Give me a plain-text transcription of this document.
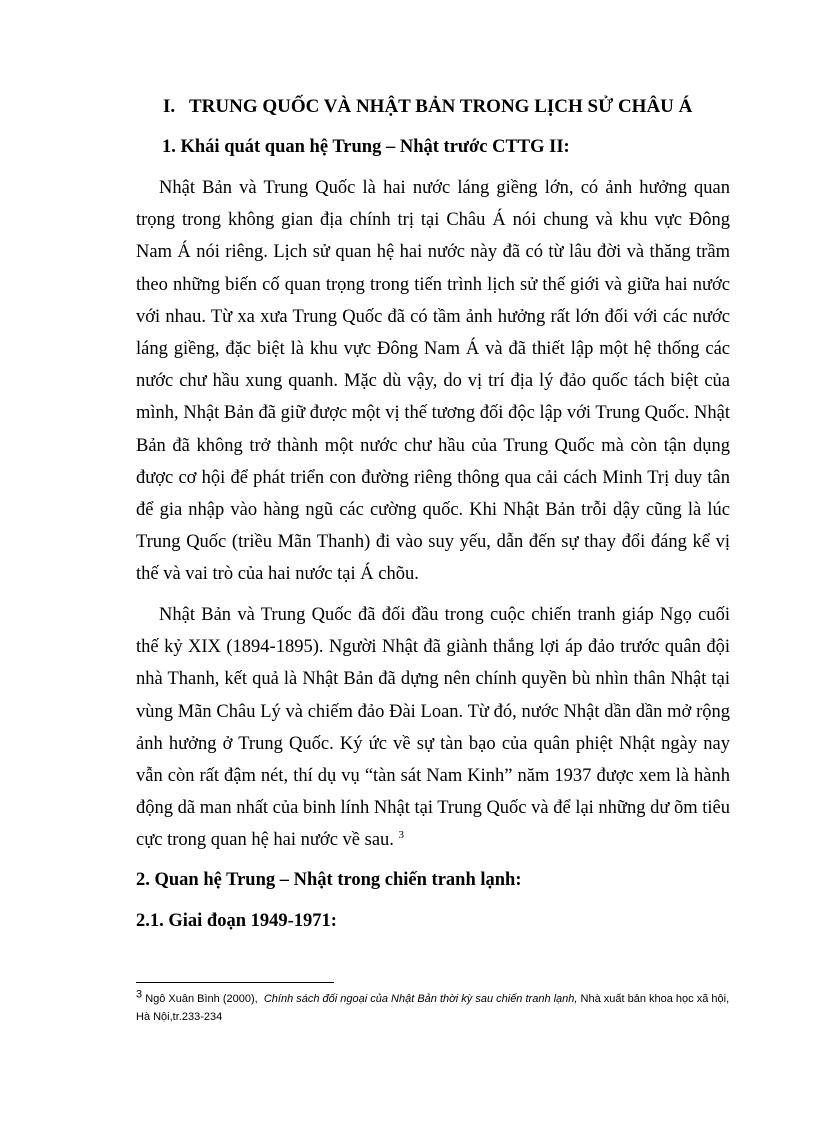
I. TRUNG QUỐC VÀ NHẬT BẢN TRONG LỊCH SỬ CHÂU Á
1. Khái quát quan hệ Trung – Nhật trước CTTG II:

Nhật Bản và Trung Quốc là hai nước láng giềng lớn, có ảnh hưởng quan trọng trong không gian địa chính trị tại Châu Á nói chung và khu vực Đông Nam Á nói riêng. Lịch sử quan hệ hai nước này đã có từ lâu đời và thăng trầm theo những biến cố quan trọng trong tiến trình lịch sử thế giới và giữa hai nước với nhau. Từ xa xưa Trung Quốc đã có tầm ảnh hưởng rất lớn đối với các nước láng giềng, đặc biệt là khu vực Đông Nam Á và đã thiết lập một hệ thống các nước chư hầu xung quanh. Mặc dù vậy, do vị trí địa lý đảo quốc tách biệt của mình, Nhật Bản đã giữ được một vị thế tương đối độc lập với Trung Quốc. Nhật Bản đã không trở thành một nước chư hầu của Trung Quốc mà còn tận dụng được cơ hội để phát triển con đường riêng thông qua cải cách Minh Trị duy tân để gia nhập vào hàng ngũ các cường quốc. Khi Nhật Bản trỗi dậy cũng là lúc Trung Quốc (triều Mãn Thanh) đi vào suy yếu, dẫn đến sự thay đổi đáng kể vị thế và vai trò của hai nước tại Á chõu.

Nhật Bản và Trung Quốc đã đối đầu trong cuộc chiến tranh giáp Ngọ cuối thế kỷ XIX (1894-1895). Người Nhật đã giành thắng lợi áp đảo trước quân đội nhà Thanh, kết quả là Nhật Bản đã dựng nên chính quyền bù nhìn thân Nhật tại vùng Mãn Châu Lý và chiếm đảo Đài Loan. Từ đó, nước Nhật dần dần mở rộng ảnh hưởng ở Trung Quốc. Ký ức về sự tàn bạo của quân phiệt Nhật ngày nay vẫn còn rất đậm nét, thí dụ vụ “tàn sát Nam Kinh” năm 1937 được xem là hành động dã man nhất của binh lính Nhật tại Trung Quốc và để lại những dư õm tiêu cực trong quan hệ hai nước về sau. $^3$

2. Quan hệ Trung – Nhật trong chiến tranh lạnh:
2.1. Giai đoạn 1949-1971:

3 Ngô Xuân Bình (2000), Chính sách đối ngoại của Nhật Bản thời kỳ sau chiến tranh lạnh, Nhà xuất bản khoa học xã hội, Hà Nội,tr.233-234
